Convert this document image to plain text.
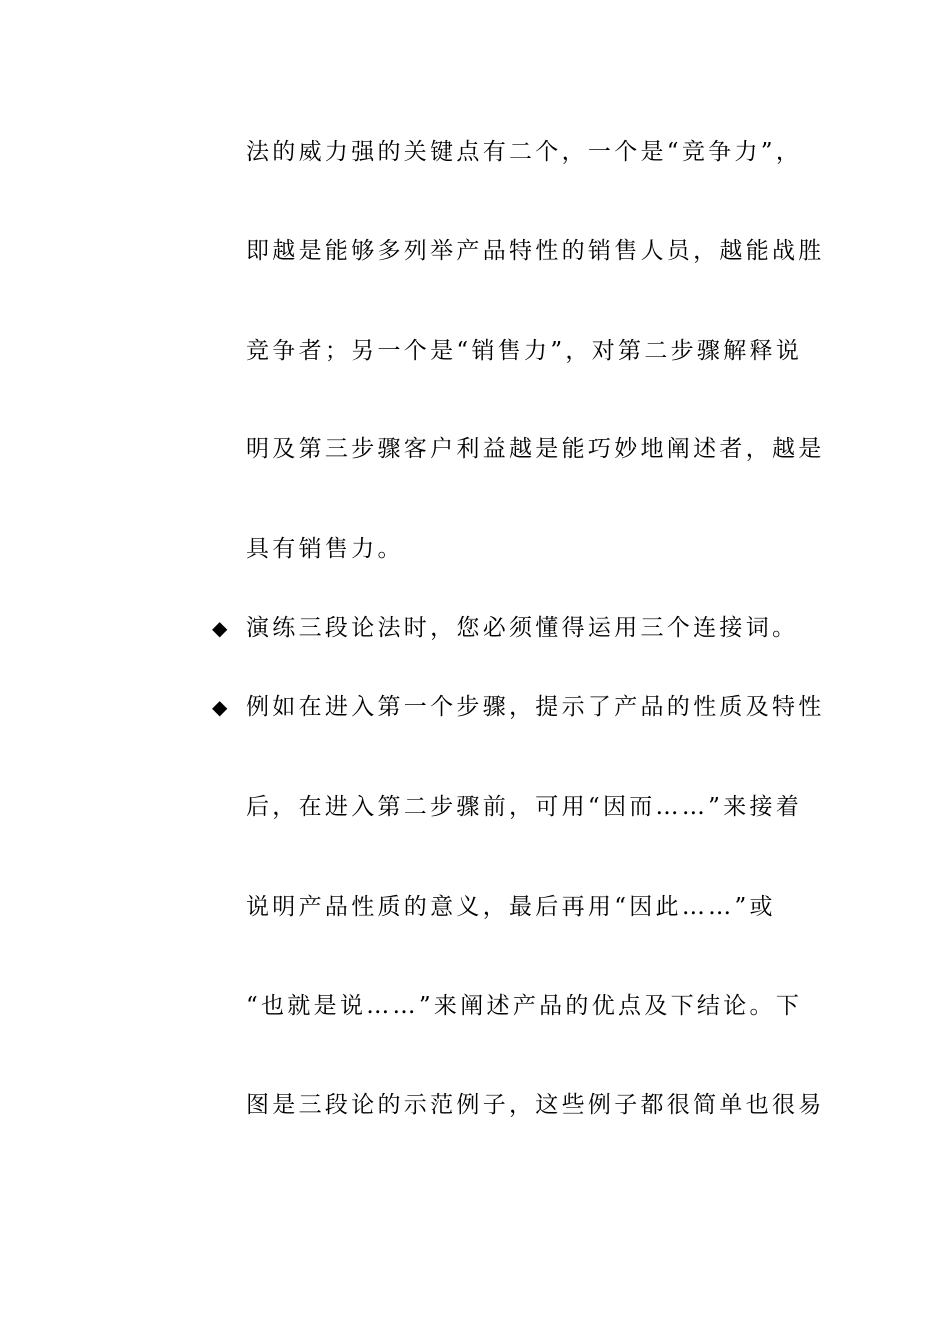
法的威力强的关键点有二个，一个是“竞争力”，
即越是能够多列举产品特性的销售人员，越能战胜
竞争者；另一个是“销售力”，对第二步骤解释说
明及第三步骤客户利益越是能巧妙地阐述者，越是
具有销售力。
◆ 演练三段论法时，您必须懂得运用三个连接词。
◆ 例如在进入第一个步骤，提示了产品的性质及特性
后，在进入第二步骤前，可用“因而……”来接着
说明产品性质的意义，最后再用“因此……”或
“也就是说……”来阐述产品的优点及下结论。下
图是三段论的示范例子，这些例子都很简单也很易
